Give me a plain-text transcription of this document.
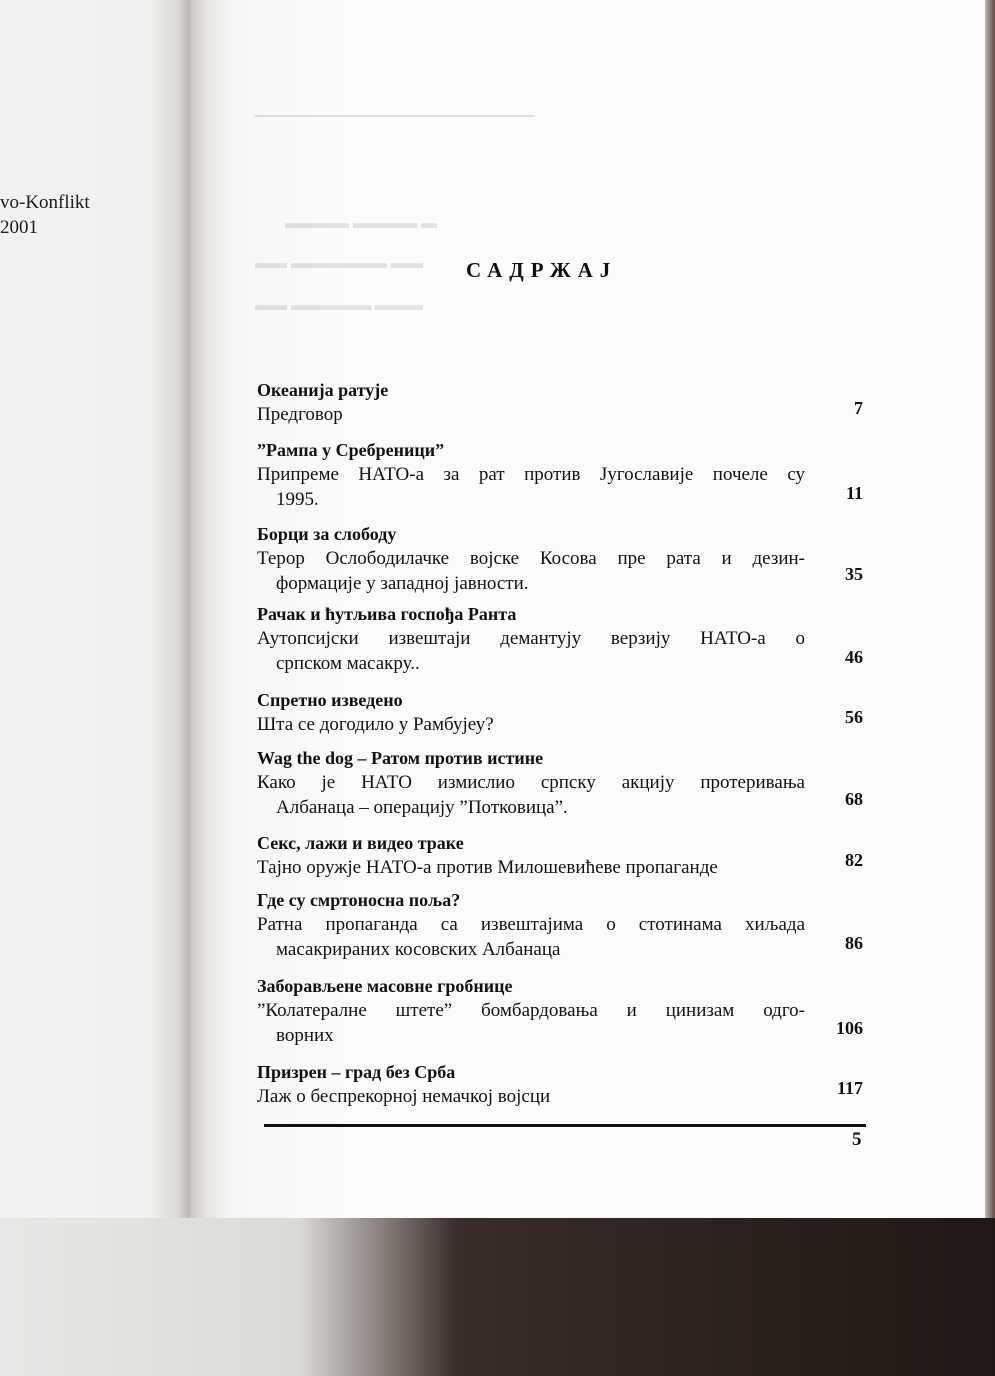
vo-Konflikt
2001
САДРЖАЈ
Океанија ратује
Предговор	7
”Рампа у Сребреници”
Припреме НАТО-а за рат против Југославије почеле су
1995.	11
Борци за слободу
Терор Ослободилачке војске Косова пре рата и дезин-
формације у западној јавности.	35
Рачак и ћутљива госпођа Ранта
Аутопсијски извештаји демантују верзију НАТО-а о
српском масакру..	46
Спретно изведено
Шта се догодило у Рамбујеу?	56
Wag the dog – Ратом против истине
Како је НАТО измислио српску акцију протеривања
Албанаца – операцију ”Потковица”.	68
Секс, лажи и видео траке
Тајно оружје НАТО-а против Милошевићеве пропаганде	82
Где су смртоносна поља?
Ратна пропаганда са извештајима о стотинама хиљада
масакрираних косовских Албанаца	86
Заборављене масовне гробнице
”Колатералне штете” бомбардовања и цинизам одго-
ворних	106
Призрен – град без Срба
Лаж о беспрекорној немачкој војсци	117
5
